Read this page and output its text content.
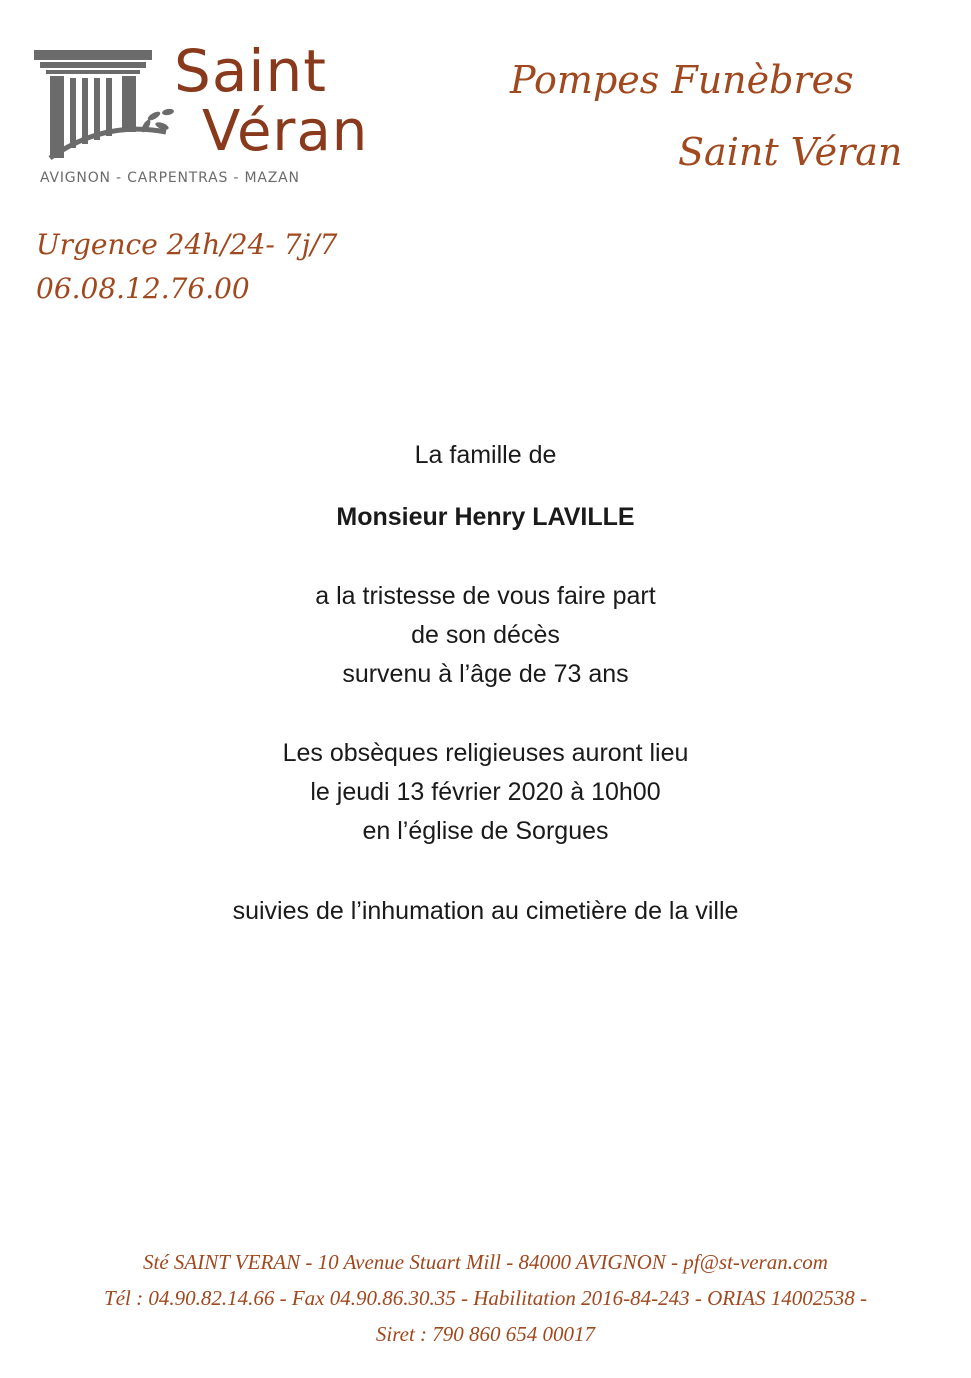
Saint
Véran
AVIGNON - CARPENTRAS - MAZAN
Pompes Funèbres
Saint Véran
Urgence 24h/24- 7j/7
06.08.12.76.00
La famille de
Monsieur Henry LAVILLE
a la tristesse de vous faire part
de son décès
survenu à l’âge de 73 ans
Les obsèques religieuses auront lieu
le jeudi 13 février 2020 à 10h00
en l’église de Sorgues
suivies de l’inhumation au cimetière de la ville
Sté SAINT VERAN - 10 Avenue Stuart Mill - 84000 AVIGNON - pf@st-veran.com
Tél : 04.90.82.14.66 - Fax 04.90.86.30.35 - Habilitation 2016-84-243 - ORIAS 14002538 -
Siret : 790 860 654 00017
